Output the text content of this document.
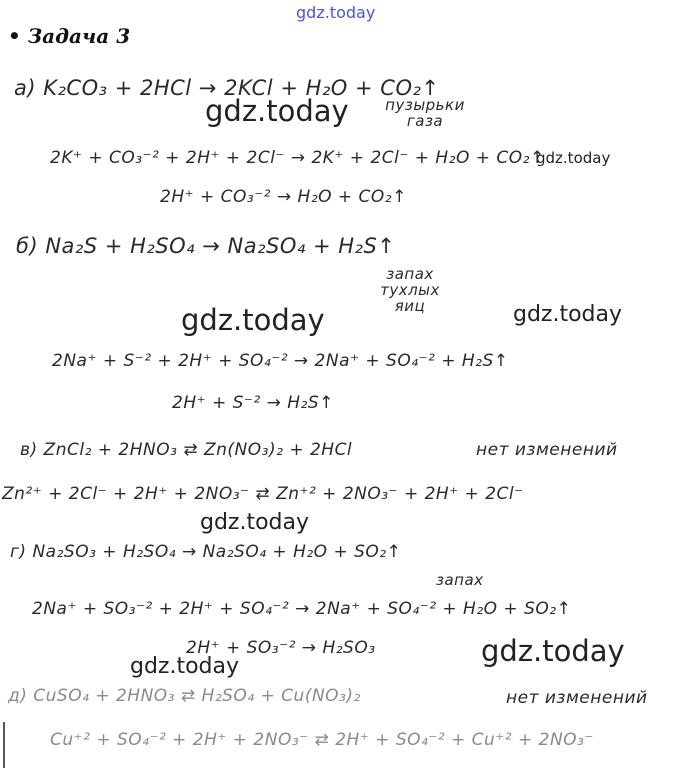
gdz.today
• Задача 3
а) K₂CO₃ + 2HCl → 2KCl + H₂O + CO₂↑
gdz.today пузырьки газа
2K⁺ + CO₃⁻² + 2H⁺ + 2Cl⁻ → 2K⁺ + 2Cl⁻ + H₂O + CO₂↑
gdz.today
2H⁺ + CO₃⁻² → H₂O + CO₂↑
б) Na₂S + H₂SO₄ → Na₂SO₄ + H₂S↑
запах тухлых яиц
gdz.today	gdz.today
2Na⁺ + S⁻² + 2H⁺ + SO₄⁻² → 2Na⁺ + SO₄⁻² + H₂S↑
2H⁺ + S⁻² → H₂S↑
в) ZnCl₂ + 2HNO₃ ⇄ Zn(NO₃)₂ + 2HCl	нет изменений
Zn²⁺ + 2Cl⁻ + 2H⁺ + 2NO₃⁻ ⇄ Zn⁺² + 2NO₃⁻ + 2H⁺ + 2Cl⁻
gdz.today
г) Na₂SO₃ + H₂SO₄ → Na₂SO₄ + H₂O + SO₂↑
запах
2Na⁺ + SO₃⁻² + 2H⁺ + SO₄⁻² → 2Na⁺ + SO₄⁻² + H₂O + SO₂↑
2H⁺ + SO₃⁻² → H₂SO₃
gdz.today	gdz.today
д) CuSO₄ + 2HNO₃ ⇄ H₂SO₄ + Cu(NO₃)₂	нет изменений
Cu⁺² + SO₄⁻² + 2H⁺ + 2NO₃⁻ ⇄ 2H⁺ + SO₄⁻² + Cu⁺² + 2NO₃⁻
